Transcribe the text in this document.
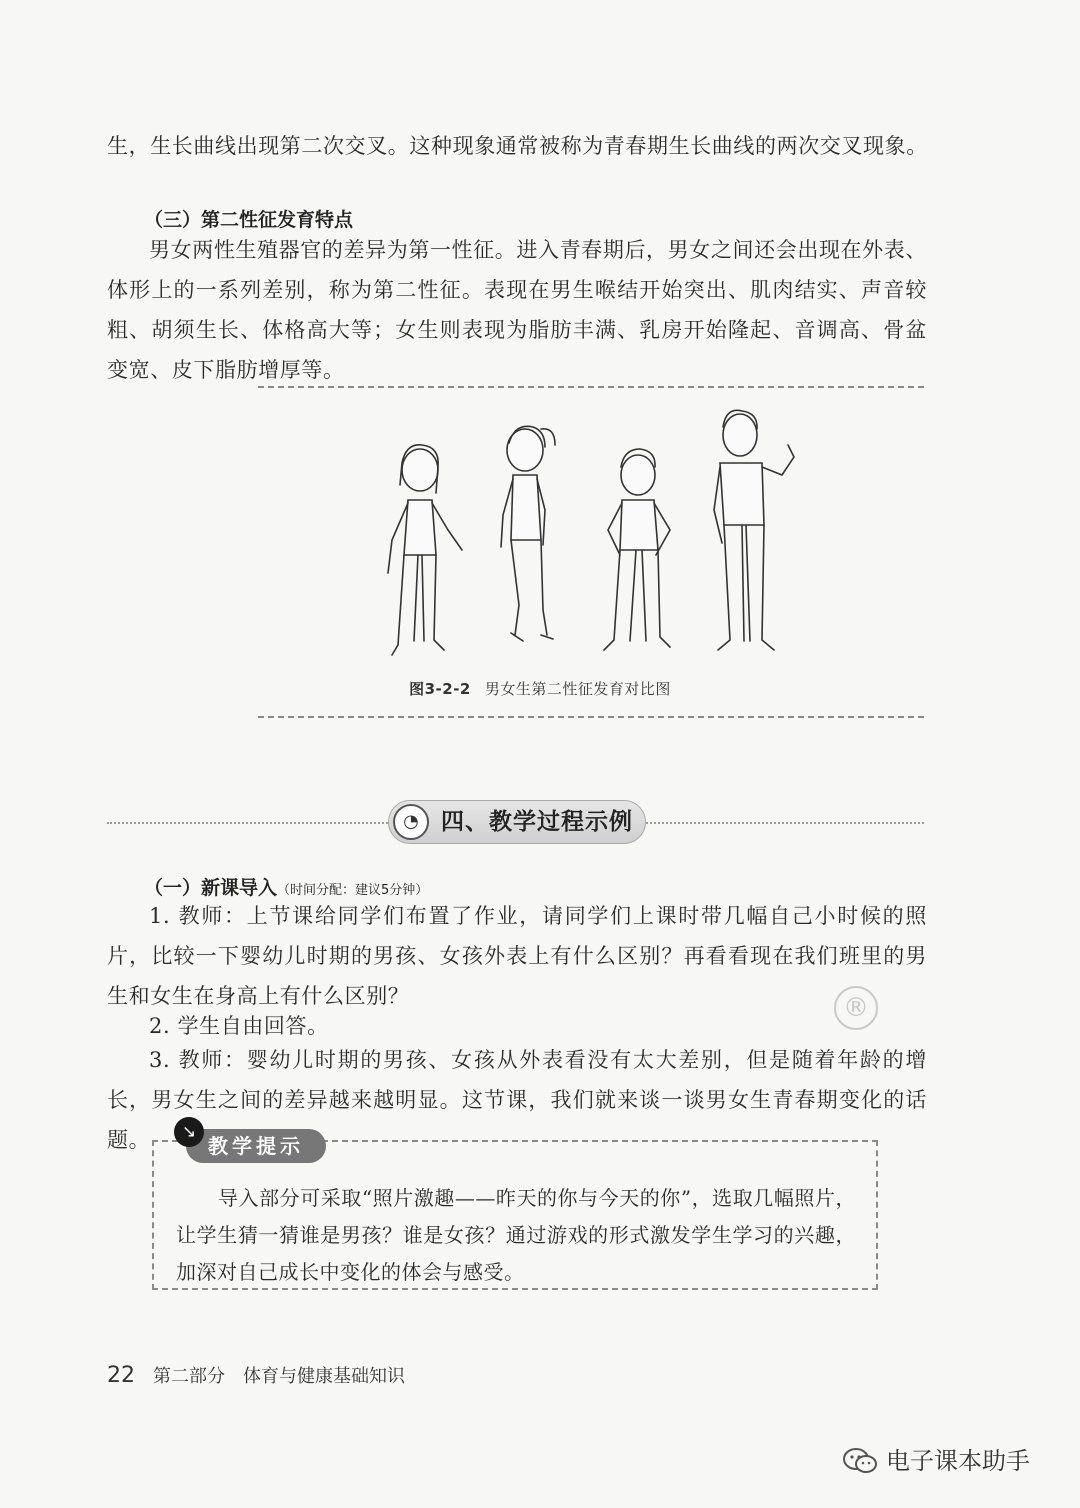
生，生长曲线出现第二次交叉。这种现象通常被称为青春期生长曲线的两次交叉现象。
（三）第二性征发育特点
男女两性生殖器官的差异为第一性征。进入青春期后，男女之间还会出现在外表、体形上的一系列差别，称为第二性征。表现在男生喉结开始突出、肌肉结实、声音较粗、胡须生长、体格高大等；女生则表现为脂肪丰满、乳房开始隆起、音调高、骨盆变宽、皮下脂肪增厚等。
图3-2-2 男女生第二性征发育对比图
◔ 四、教学过程示例
（一）新课导入（时间分配：建议5分钟）
1. 教师：上节课给同学们布置了作业，请同学们上课时带几幅自己小时候的照片，比较一下婴幼儿时期的男孩、女孩外表上有什么区别？再看看现在我们班里的男生和女生在身高上有什么区别？
2. 学生自由回答。
3. 教师：婴幼儿时期的男孩、女孩从外表看没有太大差别，但是随着年龄的增长，男女生之间的差异越来越明显。这节课，我们就来谈一谈男女生青春期变化的话题。
®
教学提示
↘
导入部分可采取“照片激趣——昨天的你与今天的你”，选取几幅照片，让学生猜一猜谁是男孩？谁是女孩？通过游戏的形式激发学生学习的兴趣，加深对自己成长中变化的体会与感受。
22 第二部分 体育与健康基础知识
电子课本助手
